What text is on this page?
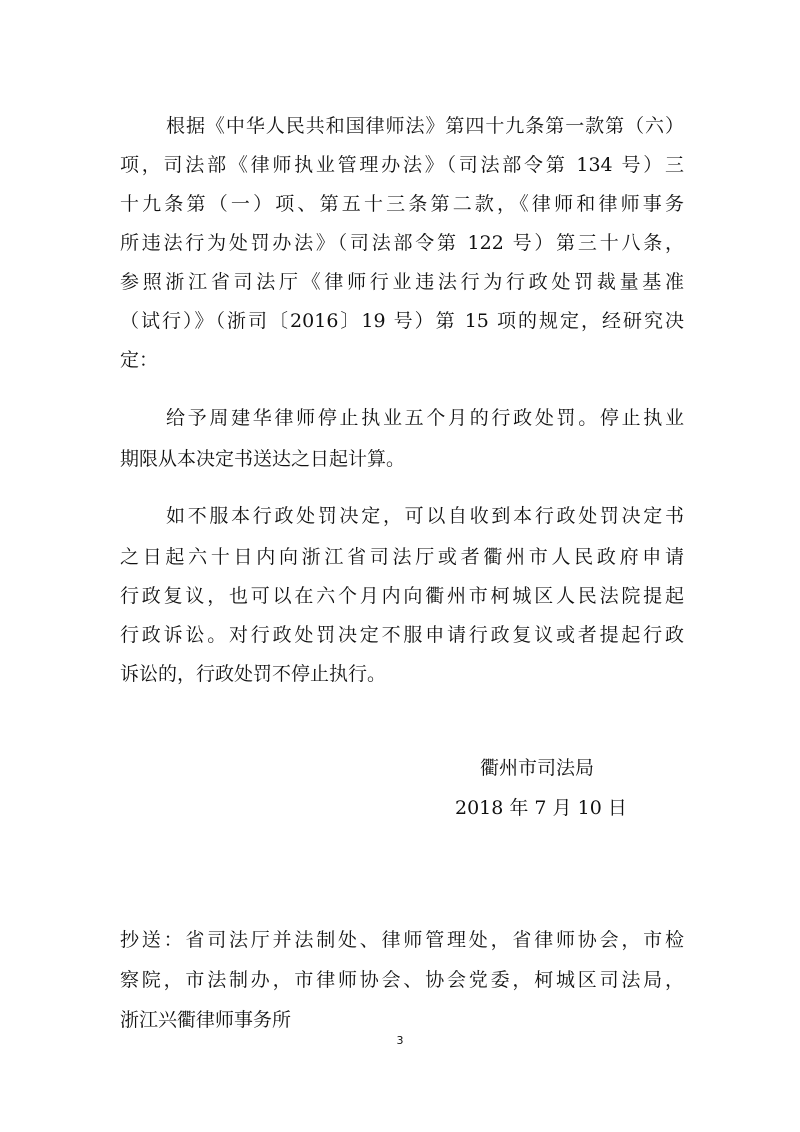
根据《中华人民共和国律师法》第四十九条第一款第（六）
项，司法部《律师执业管理办法》（司法部令第 134 号）三
十九条第（一）项、第五十三条第二款，《律师和律师事务
所违法行为处罚办法》（司法部令第 122 号）第三十八条，
参照浙江省司法厅《律师行业违法行为行政处罚裁量基准
（试行）》（浙司〔2016〕19 号）第 15 项的规定，经研究决
定：
给予周建华律师停止执业五个月的行政处罚。停止执业
期限从本决定书送达之日起计算。
如不服本行政处罚决定，可以自收到本行政处罚决定书
之日起六十日内向浙江省司法厅或者衢州市人民政府申请
行政复议，也可以在六个月内向衢州市柯城区人民法院提起
行政诉讼。对行政处罚决定不服申请行政复议或者提起行政
诉讼的，行政处罚不停止执行。
衢州市司法局
2018 年 7 月 10 日
抄送：省司法厅并法制处、律师管理处，省律师协会，市检
察院，市法制办，市律师协会、协会党委，柯城区司法局，
浙江兴衢律师事务所
3
